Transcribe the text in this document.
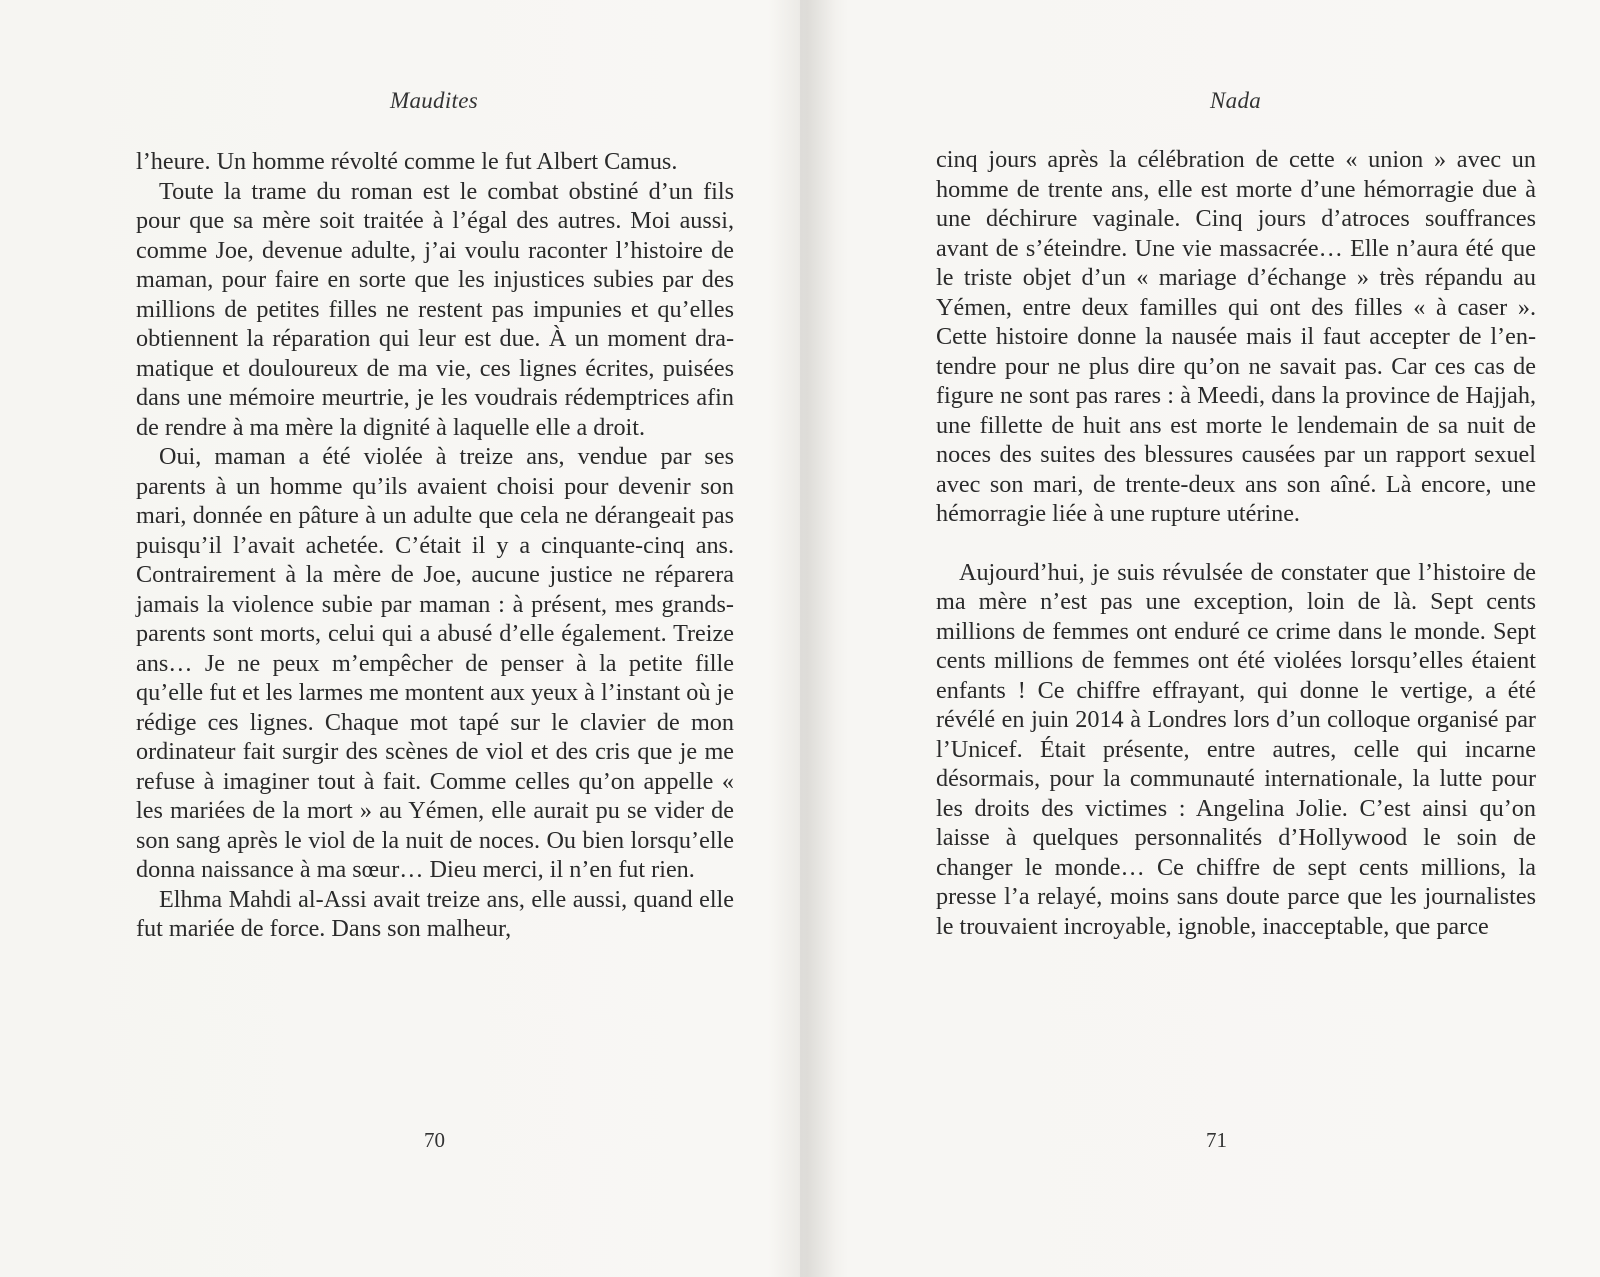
Maudites

l’heure. Un homme révolté comme le fut Albert Camus.

Toute la trame du roman est le combat obstiné d’un fils pour que sa mère soit traitée à l’égal des autres. Moi aussi, comme Joe, devenue adulte, j’ai voulu raconter l’histoire de maman, pour faire en sorte que les injustices subies par des millions de petites filles ne restent pas impunies et qu’elles obtiennent la réparation qui leur est due. À un moment dramatique et douloureux de ma vie, ces lignes écrites, puisées dans une mémoire meurtrie, je les voudrais rédemptrices afin de rendre à ma mère la dignité à laquelle elle a droit.

Oui, maman a été violée à treize ans, vendue par ses parents à un homme qu’ils avaient choisi pour devenir son mari, donnée en pâture à un adulte que cela ne dérangeait pas puisqu’il l’avait achetée. C’était il y a cinquante-cinq ans. Contrairement à la mère de Joe, aucune justice ne réparera jamais la violence subie par maman : à présent, mes grands-parents sont morts, celui qui a abusé d’elle également. Treize ans… Je ne peux m’empêcher de penser à la petite fille qu’elle fut et les larmes me montent aux yeux à l’instant où je rédige ces lignes. Chaque mot tapé sur le clavier de mon ordinateur fait surgir des scènes de viol et des cris que je me refuse à imaginer tout à fait. Comme celles qu’on appelle « les mariées de la mort » au Yémen, elle aurait pu se vider de son sang après le viol de la nuit de noces. Ou bien lorsqu’elle donna naissance à ma sœur… Dieu merci, il n’en fut rien.

Elhma Mahdi al-Assi avait treize ans, elle aussi, quand elle fut mariée de force. Dans son malheur,

70
Nada

cinq jours après la célébration de cette « union » avec un homme de trente ans, elle est morte d’une hémorragie due à une déchirure vaginale. Cinq jours d’atroces souffrances avant de s’éteindre. Une vie massacrée… Elle n’aura été que le triste objet d’un « mariage d’échange » très répandu au Yémen, entre deux familles qui ont des filles « à caser ». Cette histoire donne la nausée mais il faut accepter de l’entendre pour ne plus dire qu’on ne savait pas. Car ces cas de figure ne sont pas rares : à Meedi, dans la province de Hajjah, une fillette de huit ans est morte le lendemain de sa nuit de noces des suites des blessures causées par un rapport sexuel avec son mari, de trente-deux ans son aîné. Là encore, une hémorragie liée à une rupture utérine.

Aujourd’hui, je suis révulsée de constater que l’histoire de ma mère n’est pas une exception, loin de là. Sept cents millions de femmes ont enduré ce crime dans le monde. Sept cents millions de femmes ont été violées lorsqu’elles étaient enfants ! Ce chiffre effrayant, qui donne le vertige, a été révélé en juin 2014 à Londres lors d’un colloque organisé par l’Unicef. Était présente, entre autres, celle qui incarne désormais, pour la communauté internationale, la lutte pour les droits des victimes : Angelina Jolie. C’est ainsi qu’on laisse à quelques personnalités d’Hollywood le soin de changer le monde… Ce chiffre de sept cents millions, la presse l’a relayé, moins sans doute parce que les journalistes le trouvaient incroyable, ignoble, inacceptable, que parce

71
